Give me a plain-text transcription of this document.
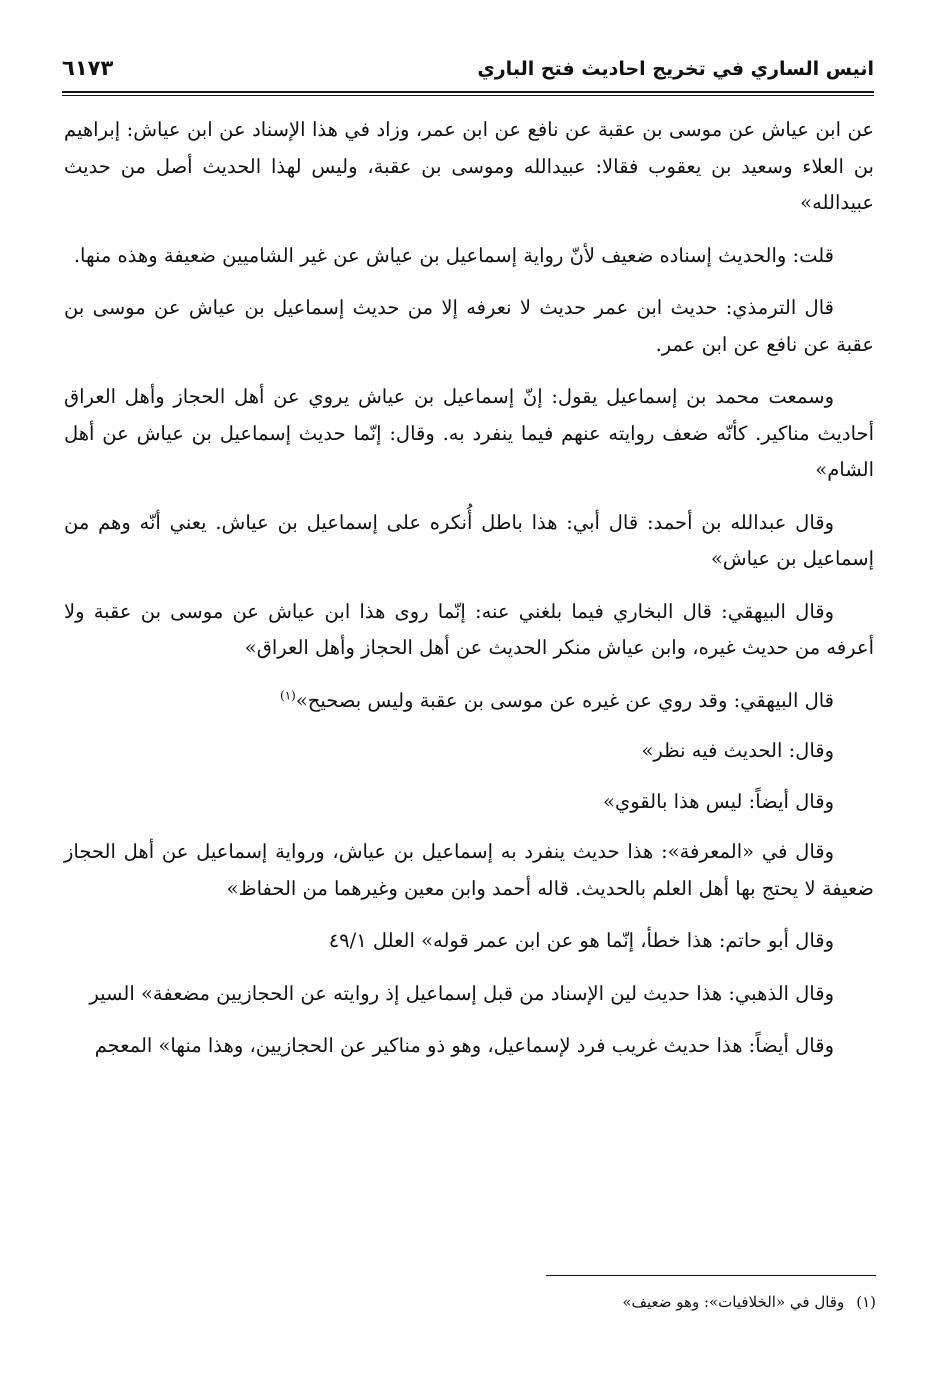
انيس الساري في تخريج احاديث فتح الباري
٦١٧٣

عن ابن عياش عن موسى بن عقبة عن نافع عن ابن عمر، وزاد في هذا الإسناد عن ابن عياش: إبراهيم بن العلاء وسعيد بن يعقوب فقالا: عبيدالله وموسى بن عقبة، وليس لهذا الحديث أصل من حديث عبيدالله»

قلت: والحديث إسناده ضعيف لأنّ رواية إسماعيل بن عياش عن غير الشاميين ضعيفة وهذه منها.

قال الترمذي: حديث ابن عمر حديث لا نعرفه إلا من حديث إسماعيل بن عياش عن موسى بن عقبة عن نافع عن ابن عمر.

وسمعت محمد بن إسماعيل يقول: إنّ إسماعيل بن عياش يروي عن أهل الحجاز وأهل العراق أحاديث مناكير. كأنّه ضعف روايته عنهم فيما ينفرد به. وقال: إنّما حديث إسماعيل بن عياش عن أهل الشام»

وقال عبدالله بن أحمد: قال أبي: هذا باطل أُنكره على إسماعيل بن عياش. يعني أنّه وهم من إسماعيل بن عياش»

وقال البيهقي: قال البخاري فيما بلغني عنه: إنّما روى هذا ابن عياش عن موسى بن عقبة ولا أعرفه من حديث غيره، وابن عياش منكر الحديث عن أهل الحجاز وأهل العراق»

قال البيهقي: وقد روي عن غيره عن موسى بن عقبة وليس بصحيح»$^{(١)}$

وقال: الحديث فيه نظر»

وقال أيضاً: ليس هذا بالقوي»

وقال في «المعرفة»: هذا حديث ينفرد به إسماعيل بن عياش، ورواية إسماعيل عن أهل الحجاز ضعيفة لا يحتج بها أهل العلم بالحديث. قاله أحمد وابن معين وغيرهما من الحفاظ»

وقال أبو حاتم: هذا خطأ، إنّما هو عن ابن عمر قوله» العلل ٤٩/١

وقال الذهبي: هذا حديث لين الإسناد من قبل إسماعيل إذ روايته عن الحجازيين مضعفة» السير

وقال أيضاً: هذا حديث غريب فرد لإسماعيل، وهو ذو مناكير عن الحجازيين، وهذا منها» المعجم

(١)وقال في «الخلافيات»: وهو ضعيف»
